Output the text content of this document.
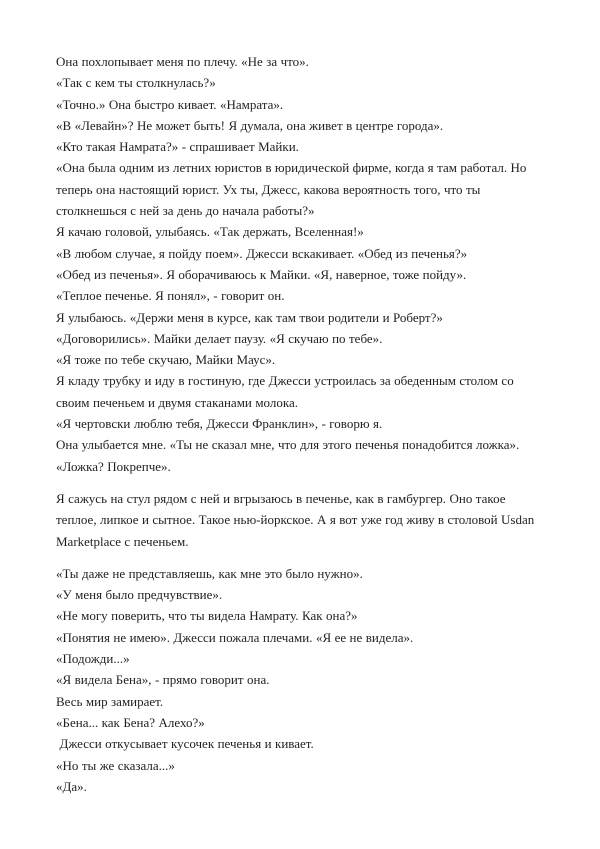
Она похлопывает меня по плечу. «Не за что».

«Так с кем ты столкнулась?»

«Точно.» Она быстро кивает. «Намрата».

«В «Левайн»? Не может быть! Я думала, она живет в центре города».

«Кто такая Намрата?» - спрашивает Майки.

«Она была одним из летних юристов в юридической фирме, когда я там работал. Но теперь она настоящий юрист. Ух ты, Джесс, какова вероятность того, что ты столкнешься с ней за день до начала работы?»

Я качаю головой, улыбаясь. «Так держать, Вселенная!»

«В любом случае, я пойду поем». Джесси вскакивает. «Обед из печенья?»

«Обед из печенья». Я оборачиваюсь к Майки. «Я, наверное, тоже пойду».

«Теплое печенье. Я понял», - говорит он.

Я улыбаюсь. «Держи меня в курсе, как там твои родители и Роберт?»

«Договорились». Майки делает паузу. «Я скучаю по тебе».

«Я тоже по тебе скучаю, Майки Маус».

Я кладу трубку и иду в гостиную, где Джесси устроилась за обеденным столом со своим печеньем и двумя стаканами молока.

«Я чертовски люблю тебя, Джесси Франклин», - говорю я.

Она улыбается мне. «Ты не сказал мне, что для этого печенья понадобится ложка».

«Ложка? Покрепче».

Я сажусь на стул рядом с ней и вгрызаюсь в печенье, как в гамбургер. Оно такое теплое, липкое и сытное. Такое нью-йоркское. А я вот уже год живу в столовой Usdan Marketplace с печеньем.

«Ты даже не представляешь, как мне это было нужно».

«У меня было предчувствие».

«Не могу поверить, что ты видела Намрату. Как она?»

«Понятия не имею». Джесси пожала плечами. «Я ее не видела».

«Подожди...»

«Я видела Бена», - прямо говорит она.

Весь мир замирает.

«Бена... как Бена? Алехо?»

Джесси откусывает кусочек печенья и кивает.

«Но ты же сказала...»

«Да».
